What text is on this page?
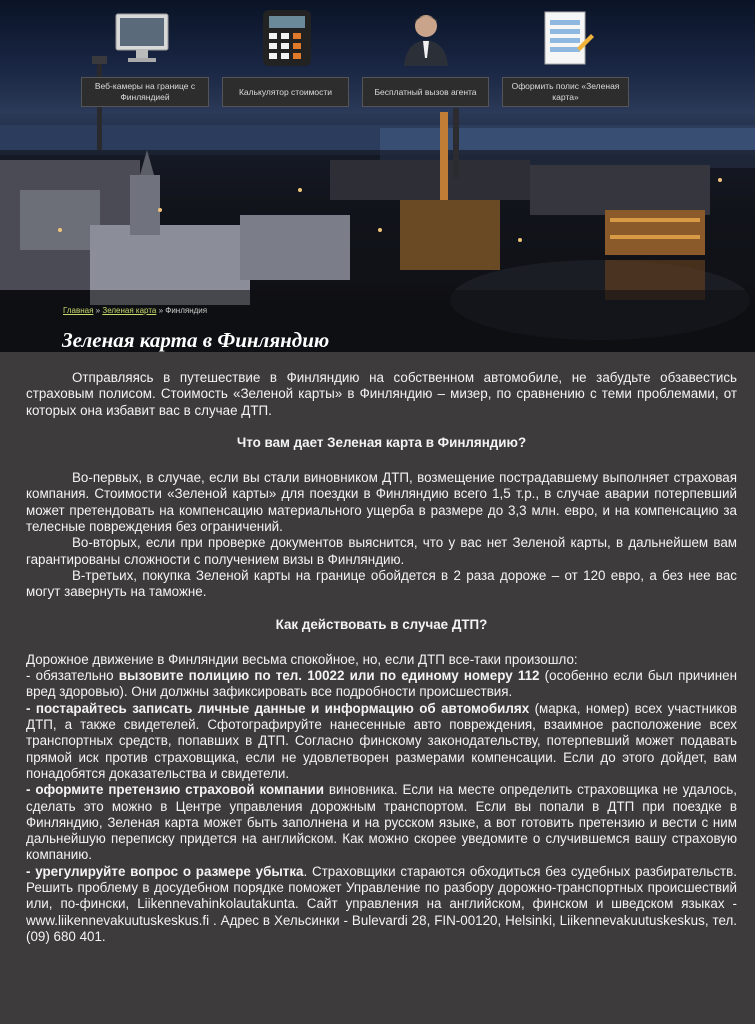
Веб-камеры на границе с Финляндией
Калькулятор стоимости	Бесплатный вызов агента
Оформить полис «Зеленая карта»
Главная » Зеленая карта » Финляндия
Зеленая карта в Финляндию

Отправляясь в путешествие в Финляндию на собственном автомобиле, не забудьте обзавестись страховым полисом. Стоимость «Зеленой карты» в Финляндию – мизер, по сравнению с теми проблемами, от которых она избавит вас в случае ДТП.

Что вам дает Зеленая карта в Финляндию?

Во-первых, в случае, если вы стали виновником ДТП, возмещение пострадавшему выполняет страховая компания. Стоимости «Зеленой карты» для поездки в Финляндию всего 1,5 т.р., в случае аварии потерпевший может претендовать на компенсацию материального ущерба в размере до 3,3 млн. евро, и на компенсацию за телесные повреждения без ограничений.

Во-вторых, если при проверке документов выяснится, что у вас нет Зеленой карты, в дальнейшем вам гарантированы сложности с получением визы в Финляндию.

В-третьих, покупка Зеленой карты на границе обойдется в 2 раза дороже – от 120 евро, а без нее вас могут завернуть на таможне.

Как действовать в случае ДТП?

Дорожное движение в Финляндии весьма спокойное, но, если ДТП все-таки произошло:

- обязательно вызовите полицию по тел. 10022 или по единому номеру 112 (особенно если был причинен вред здоровью). Они должны зафиксировать все подробности происшествия.

- постарайтесь записать личные данные и информацию об автомобилях (марка, номер) всех участников ДТП, а также свидетелей. Сфотографируйте нанесенные авто повреждения, взаимное расположение всех транспортных средств, попавших в ДТП. Согласно финскому законодательству, потерпевший может подавать прямой иск против страховщика, если не удовлетворен размерами компенсации. Если до этого дойдет, вам понадобятся доказательства и свидетели.

- оформите претензию страховой компании виновника. Если на месте определить страховщика не удалось, сделать это можно в Центре управления дорожным транспортом. Если вы попали в ДТП при поездке в Финляндию, Зеленая карта может быть заполнена и на русском языке, а вот готовить претензию и вести с ним дальнейшую переписку придется на английском. Как можно скорее уведомите о случившемся вашу страховую компанию.

- урегулируйте вопрос о размере убытка. Страховщики стараются обходиться без судебных разбирательств. Решить проблему в досудебном порядке поможет Управление по разбору дорожно-транспортных происшествий или, по-фински, Liikennevahinkolautakunta. Сайт управления на английском, финском и шведском языках - www.liikennevakuutuskeskus.fi . Адрес в Хельсинки - Bulevardi 28, FIN-00120, Helsinki, Liikennevakuutuskeskus, тел. (09) 680 401.
